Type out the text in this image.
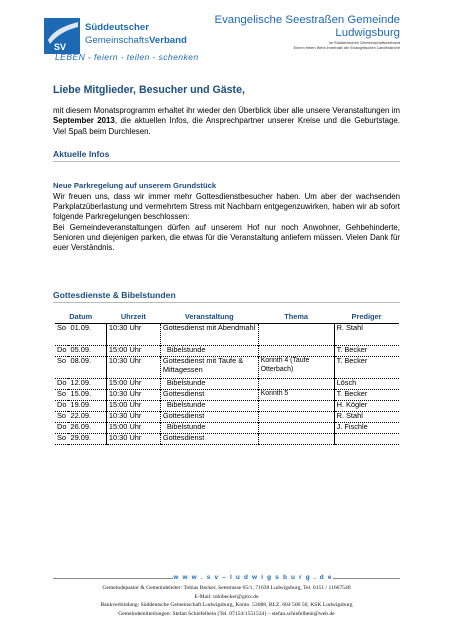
SV
Süddeutscher
GemeinschaftsVerband
LEBEN - feiern - teilen - schenken
Evangelische Seestraßen Gemeinde Ludwigsburg
im Süddeutschen Gemeinschaftsverband
Einem freien Werk innerhalb der Evangelischen Landeskirche
Liebe Mitglieder, Besucher und Gäste,
mit diesem Monatsprogramm erhaltet ihr wieder den Überblick über alle unsere Veranstaltungen im September 2013, die aktuellen Infos, die Ansprechpartner unserer Kreise und die Geburtstage. Viel Spaß beim Durchlesen.
Aktuelle Infos
Neue Parkregelung auf unserem Grundstück
Wir freuen uns, dass wir immer mehr Gottesdienstbesucher haben. Um aber der wachsenden Parkplatzüberlastung und vermehrtem Stress mit Nachbarn entgegenzuwirken, haben wir ab sofort folgende Parkregelungen beschlossen:
Bei Gemeindeveranstaltungen dürfen auf unserem Hof nur noch Anwohner, Gehbehinderte, Senioren und diejenigen parken, die etwas für die Veranstaltung anliefern müssen. Vielen Dank für euer Verständnis.
Gottesdienste & Bibelstunden
Datum		Uhrzeit	Veranstaltung	Thema	Prediger
So	01.09.	10:30 Uhr	Gottesdienst mit Abendmahl		R. Stahl
Do	05.09.	15:00 Uhr	Bibelstunde		T. Becker
So	08.09.	10:30 Uhr	Gottesdienst mit Taufe & Mittagessen	Korinth 4 (Taufe Otterbach)	T. Becker
Do	12.09.	15:00 Uhr	Bibelstunde		Lösch
So	15.09.	10:30 Uhr	Gottesdienst	Korinth 5	T. Becker
Do	19.09.	15:00 Uhr	Bibelstunde		H. Kögler
So	22.09.	10:30 Uhr	Gottesdienst		R. Stahl
Do	26.09.	15:00 Uhr	Bibelstunde		J. Fischle
So	29.09.	10:30 Uhr	Gottesdienst		
w w w . s v – l u d w i g s b u r g . d e
Gemeindepastor & Gemeindeleiter: Tobias Becker, Seestrasse 65/1, 71638 Ludwigsburg, Tel. 0151 / 11667548
E-Mail: tobibecker@gmx.de
Bankverbindung: Süddeutsche Gemeinschaft Ludwigsburg, Konto. 53088, BLZ. 604 500 50, KSK Ludwigsburg
Gemeindemitteilungen: Stefan Schiefelbein (Tel. 07154/1551534) – stefan.schiefelbein@web.de
